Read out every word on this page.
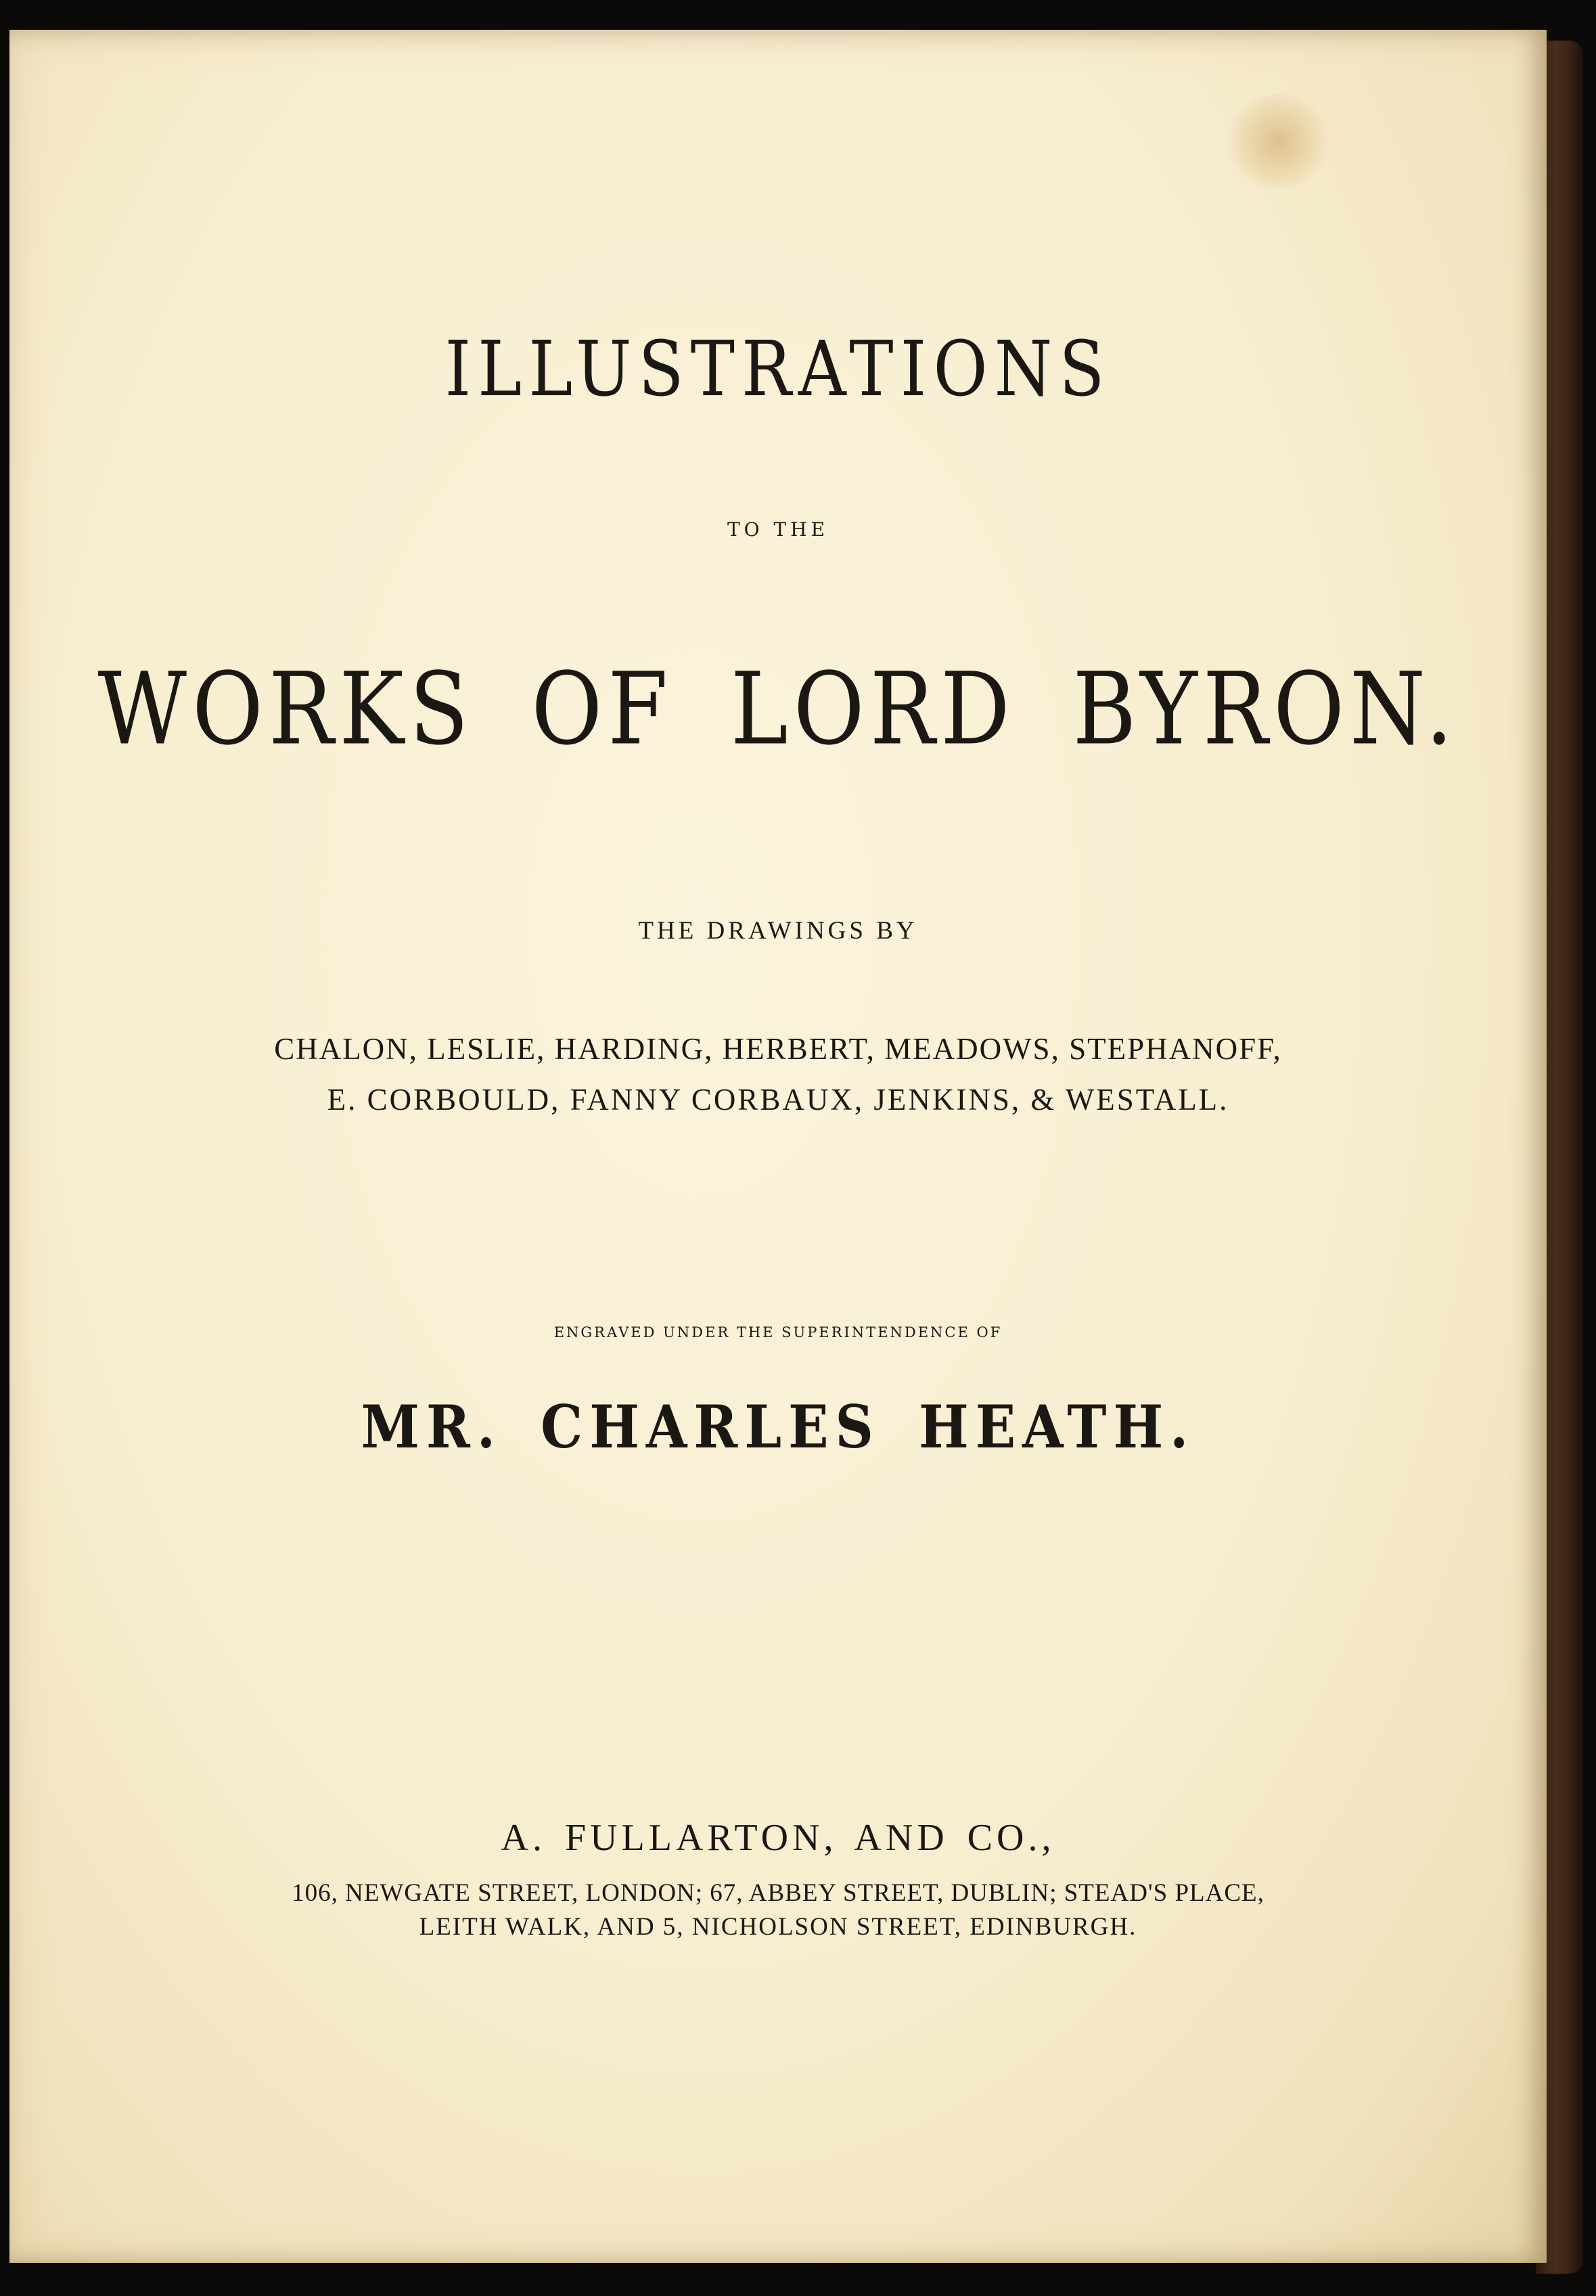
ILLUSTRATIONS

TO THE

WORKS OF LORD BYRON.

THE DRAWINGS BY

CHALON, LESLIE, HARDING, HERBERT, MEADOWS, STEPHANOFF,

E. CORBOULD, FANNY CORBAUX, JENKINS, & WESTALL.

ENGRAVED UNDER THE SUPERINTENDENCE OF

MR. CHARLES HEATH.

A. FULLARTON, AND CO.,

106, NEWGATE STREET, LONDON; 67, ABBEY STREET, DUBLIN; STEAD'S PLACE,

LEITH WALK, AND 5, NICHOLSON STREET, EDINBURGH.
